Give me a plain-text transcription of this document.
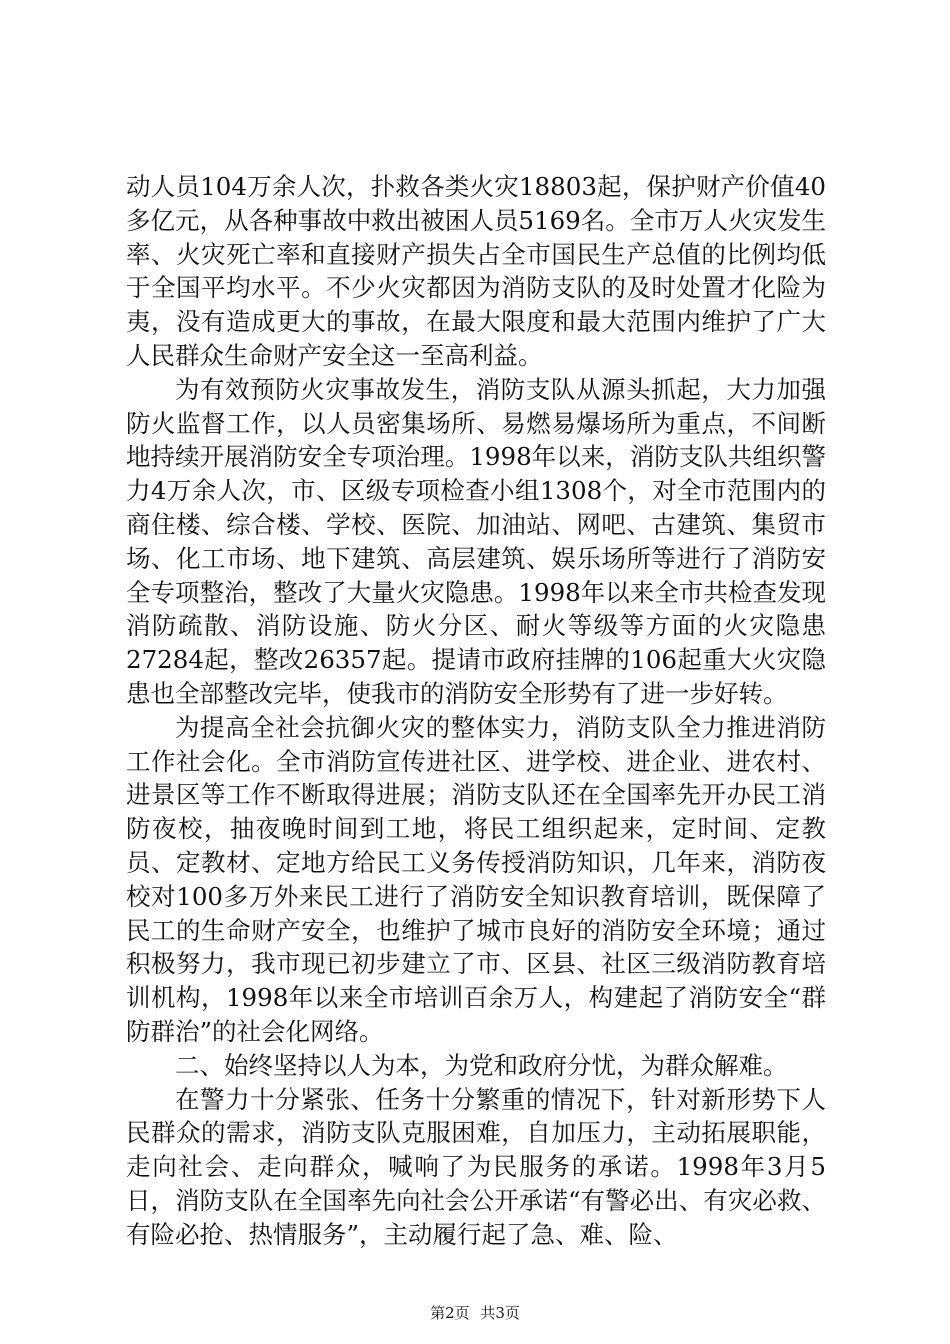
动人员104万余人次，扑救各类火灾18803起，保护财产价值40多亿元，从各种事故中救出被困人员5169名。全市万人火灾发生率、火灾死亡率和直接财产损失占全市国民生产总值的比例均低于全国平均水平。不少火灾都因为消防支队的及时处置才化险为夷，没有造成更大的事故，在最大限度和最大范围内维护了广大人民群众生命财产安全这一至高利益。

为有效预防火灾事故发生，消防支队从源头抓起，大力加强防火监督工作，以人员密集场所、易燃易爆场所为重点，不间断地持续开展消防安全专项治理。1998年以来，消防支队共组织警力4万余人次，市、区级专项检查小组1308个，对全市范围内的商住楼、综合楼、学校、医院、加油站、网吧、古建筑、集贸市场、化工市场、地下建筑、高层建筑、娱乐场所等进行了消防安全专项整治，整改了大量火灾隐患。1998年以来全市共检查发现消防疏散、消防设施、防火分区、耐火等级等方面的火灾隐患27284起，整改26357起。提请市政府挂牌的106起重大火灾隐患也全部整改完毕，使我市的消防安全形势有了进一步好转。

为提高全社会抗御火灾的整体实力，消防支队全力推进消防工作社会化。全市消防宣传进社区、进学校、进企业、进农村、进景区等工作不断取得进展；消防支队还在全国率先开办民工消防夜校，抽夜晚时间到工地，将民工组织起来，定时间、定教员、定教材、定地方给民工义务传授消防知识，几年来，消防夜校对100多万外来民工进行了消防安全知识教育培训，既保障了民工的生命财产安全，也维护了城市良好的消防安全环境；通过积极努力，我市现已初步建立了市、区县、社区三级消防教育培训机构，1998年以来全市培训百余万人，构建起了消防安全“群防群治”的社会化网络。

二、始终坚持以人为本，为党和政府分忧，为群众解难。

在警力十分紧张、任务十分繁重的情况下，针对新形势下人民群众的需求，消防支队克服困难，自加压力，主动拓展职能，走向社会、走向群众，喊响了为民服务的承诺。1998年3月5日，消防支队在全国率先向社会公开承诺“有警必出、有灾必救、有险必抢、热情服务”，主动履行起了急、难、险、

第2页 共3页
